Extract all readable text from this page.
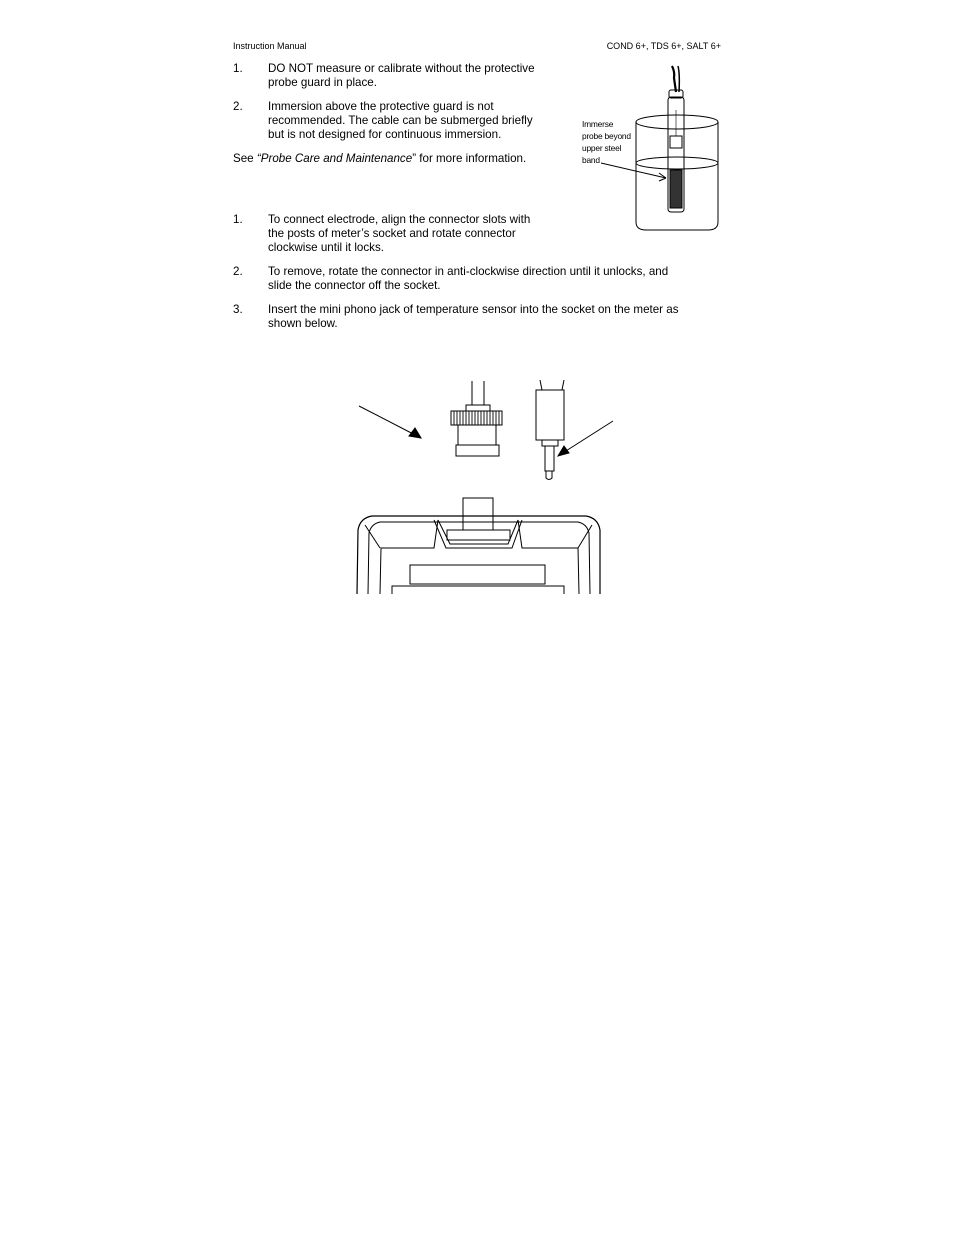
Instruction Manual	COND 6+, TDS 6+, SALT 6+
1. DO NOT measure or calibrate without the protective
probe guard in place.
2. Immersion above the protective guard is not
recommended. The cable can be submerged briefly
but is not designed for continuous immersion.
See “Probe Care and Maintenance” for more information.
1. To connect electrode, align the connector slots with
the posts of meter’s socket and rotate connector
clockwise until it locks.
2. To remove, rotate the connector in anti-clockwise direction until it unlocks, and
slide the connector off the socket.
3. Insert the mini phono jack of temperature sensor into the socket on the meter as
shown below.
Immerse
probe beyond
upper steel
band
